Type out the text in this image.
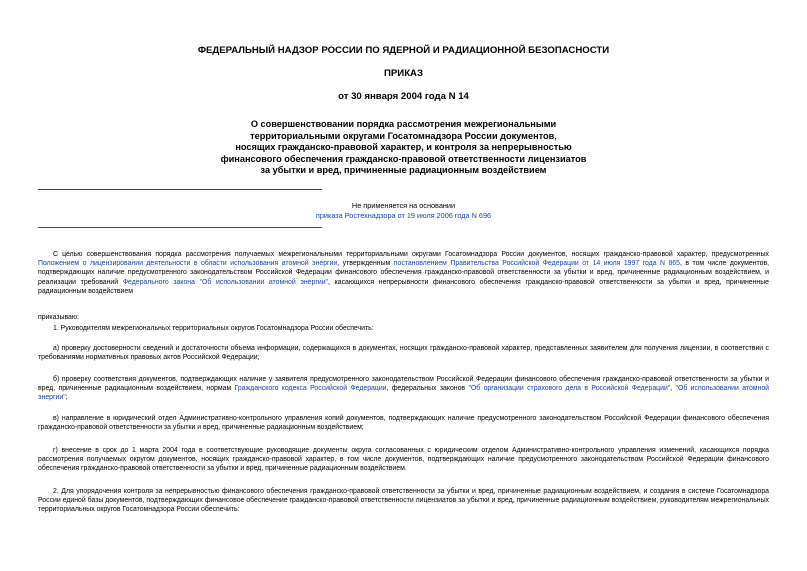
ФЕДЕРАЛЬНЫЙ НАДЗОР РОССИИ ПО ЯДЕРНОЙ И РАДИАЦИОННОЙ БЕЗОПАСНОСТИ
ПРИКАЗ
от 30 января 2004 года N 14
О совершенствовании порядка рассмотрения межрегиональными
территориальными округами Госатомнадзора России документов,
носящих гражданско-правовой характер, и контроля за непрерывностью
финансового обеспечения гражданско-правовой ответственности лицензиатов
за убытки и вред, причиненные радиационным воздействием
Не применяется на основании
приказа Ростехнадзора от 19 июля 2006 года N 696
С целью совершенствования порядка рассмотрения получаемых межрегиональными территориальными округами Госатомнадзора России документов, носящих гражданско-правовой характер, предусмотренных Положением о лицензировании деятельности в области использования атомной энергии, утвержденным постановлением Правительства Российской Федерации от 14 июля 1997 года N 865, в том числе документов, подтверждающих наличие предусмотренного законодательством Российской Федерации финансового обеспечения гражданско-правовой ответственности за убытки и вред, причиненные радиационным воздействием, и реализации требований Федерального закона "Об использовании атомной энергии", касающихся непрерывности финансового обеспечения гражданско-правовой ответственности за убытки и вред, причиненные радиационным воздействием
приказываю:
1. Руководителям межрегиональных территориальных округов Госатомнадзора России обеспечить:
а) проверку достоверности сведений и достаточности объема информации, содержащихся в документах, носящих гражданско-правовой характер, представленных заявителем для получения лицензии, в соответствии с требованиями нормативных правовых актов Российской Федерации;
б) проверку соответствия документов, подтверждающих наличие у заявителя предусмотренного законодательством Российской Федерации финансового обеспечения гражданско-правовой ответственности за убытки и вред, причиненные радиационным воздействием, нормам Гражданского кодекса Российской Федерации, федеральных законов "Об организации страхового дела в Российской Федерации", "Об использовании атомной энергии";
в) направление в юридический отдел Административно-контрольного управления копий документов, подтверждающих наличие предусмотренного законодательством Российской Федерации финансового обеспечения гражданско-правовой ответственности за убытки и вред, причиненные радиационным воздействием;
г) внесение в срок до 1 марта 2004 года в соответствующие руководящие документы округа согласованных с юридическим отделом Административно-контрольного управления изменений, касающихся порядка рассмотрения получаемых округом документов, носящих гражданско-правовой характер, в том числе документов, подтверждающих наличие предусмотренного законодательством Российской Федерации финансового обеспечения гражданско-правовой ответственности за убытки и вред, причиненные радиационным воздействием.
2. Для упорядочения контроля за непрерывностью финансового обеспечения гражданско-правовой ответственности за убытки и вред, причиненные радиационным воздействием, и создания в системе Госатомнадзора России единой базы документов, подтверждающих финансовое обеспечение гражданско-правовой ответственности лицензиатов за убытки и вред, причиненные радиационным воздействием, руководителям межрегиональных территориальных округов Госатомнадзора России обеспечить:
